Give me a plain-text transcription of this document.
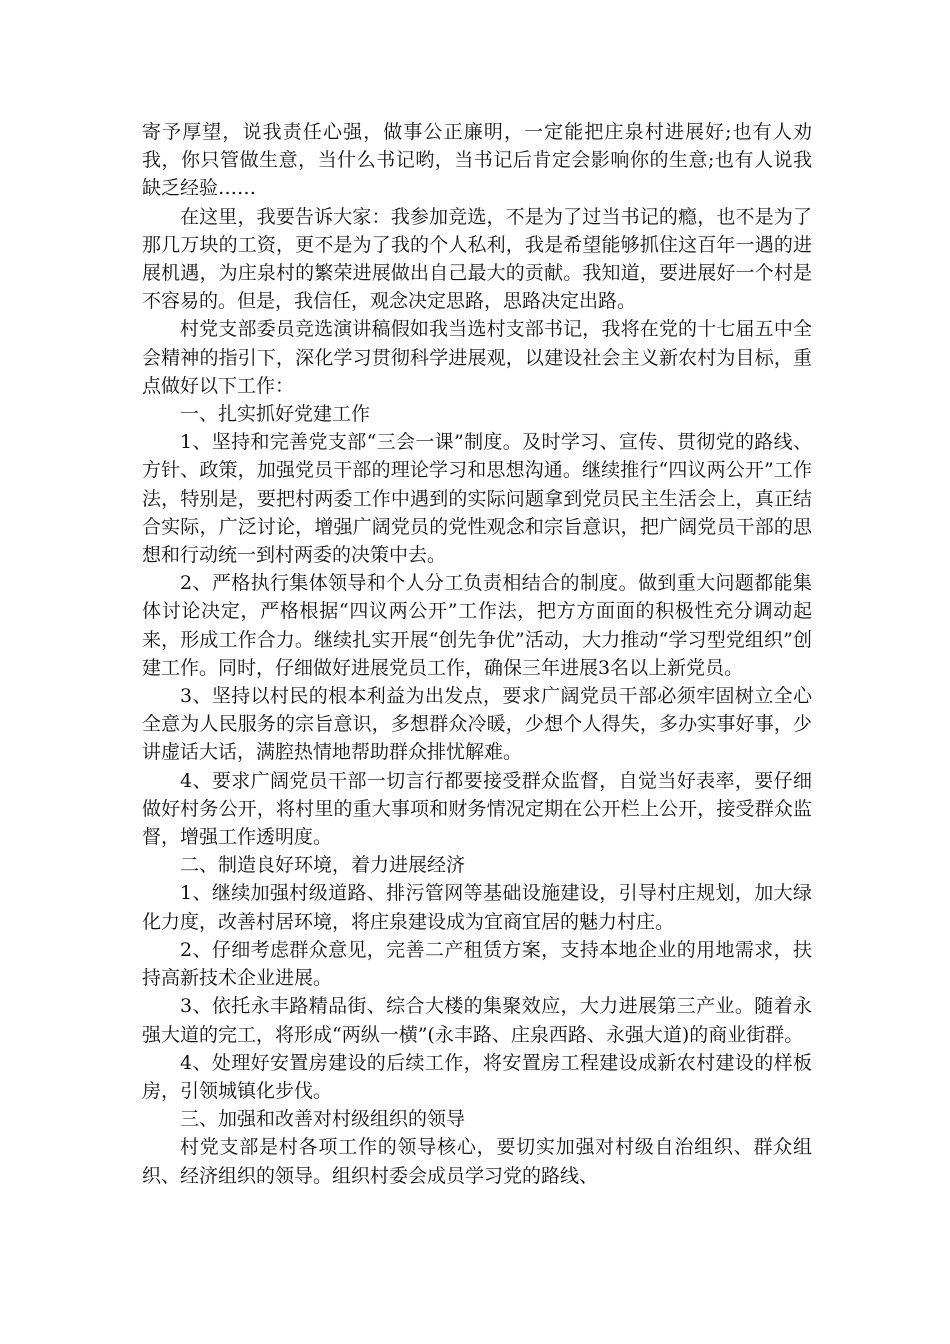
寄予厚望，说我责任心强，做事公正廉明，一定能把庄泉村进展好;也有人劝我，你只管做生意，当什么书记哟，当书记后肯定会影响你的生意;也有人说我缺乏经验……

在这里，我要告诉大家：我参加竞选，不是为了过当书记的瘾，也不是为了那几万块的工资，更不是为了我的个人私利，我是希望能够抓住这百年一遇的进展机遇，为庄泉村的繁荣进展做出自己最大的贡献。我知道，要进展好一个村是不容易的。但是，我信任，观念决定思路，思路决定出路。

村党支部委员竞选演讲稿假如我当选村支部书记，我将在党的十七届五中全会精神的指引下，深化学习贯彻科学进展观，以建设社会主义新农村为目标，重点做好以下工作：

一、扎实抓好党建工作

1、坚持和完善党支部“三会一课”制度。及时学习、宣传、贯彻党的路线、方针、政策，加强党员干部的理论学习和思想沟通。继续推行“四议两公开”工作法，特别是，要把村两委工作中遇到的实际问题拿到党员民主生活会上，真正结合实际，广泛讨论，增强广阔党员的党性观念和宗旨意识，把广阔党员干部的思想和行动统一到村两委的决策中去。

2、严格执行集体领导和个人分工负责相结合的制度。做到重大问题都能集体讨论决定，严格根据“四议两公开”工作法，把方方面面的积极性充分调动起来，形成工作合力。继续扎实开展“创先争优”活动，大力推动“学习型党组织”创建工作。同时，仔细做好进展党员工作，确保三年进展3名以上新党员。

3、坚持以村民的根本利益为出发点，要求广阔党员干部必须牢固树立全心全意为人民服务的宗旨意识，多想群众冷暖，少想个人得失，多办实事好事，少讲虚话大话，满腔热情地帮助群众排忧解难。

4、要求广阔党员干部一切言行都要接受群众监督，自觉当好表率，要仔细做好村务公开，将村里的重大事项和财务情况定期在公开栏上公开，接受群众监督，增强工作透明度。

二、制造良好环境，着力进展经济

1、继续加强村级道路、排污管网等基础设施建设，引导村庄规划，加大绿化力度，改善村居环境，将庄泉建设成为宜商宜居的魅力村庄。

2、仔细考虑群众意见，完善二产租赁方案，支持本地企业的用地需求，扶持高新技术企业进展。

3、依托永丰路精品街、综合大楼的集聚效应，大力进展第三产业。随着永强大道的完工，将形成“两纵一横”(永丰路、庄泉西路、永强大道)的商业街群。

4、处理好安置房建设的后续工作，将安置房工程建设成新农村建设的样板房，引领城镇化步伐。

三、加强和改善对村级组织的领导

村党支部是村各项工作的领导核心，要切实加强对村级自治组织、群众组织、经济组织的领导。组织村委会成员学习党的路线、
